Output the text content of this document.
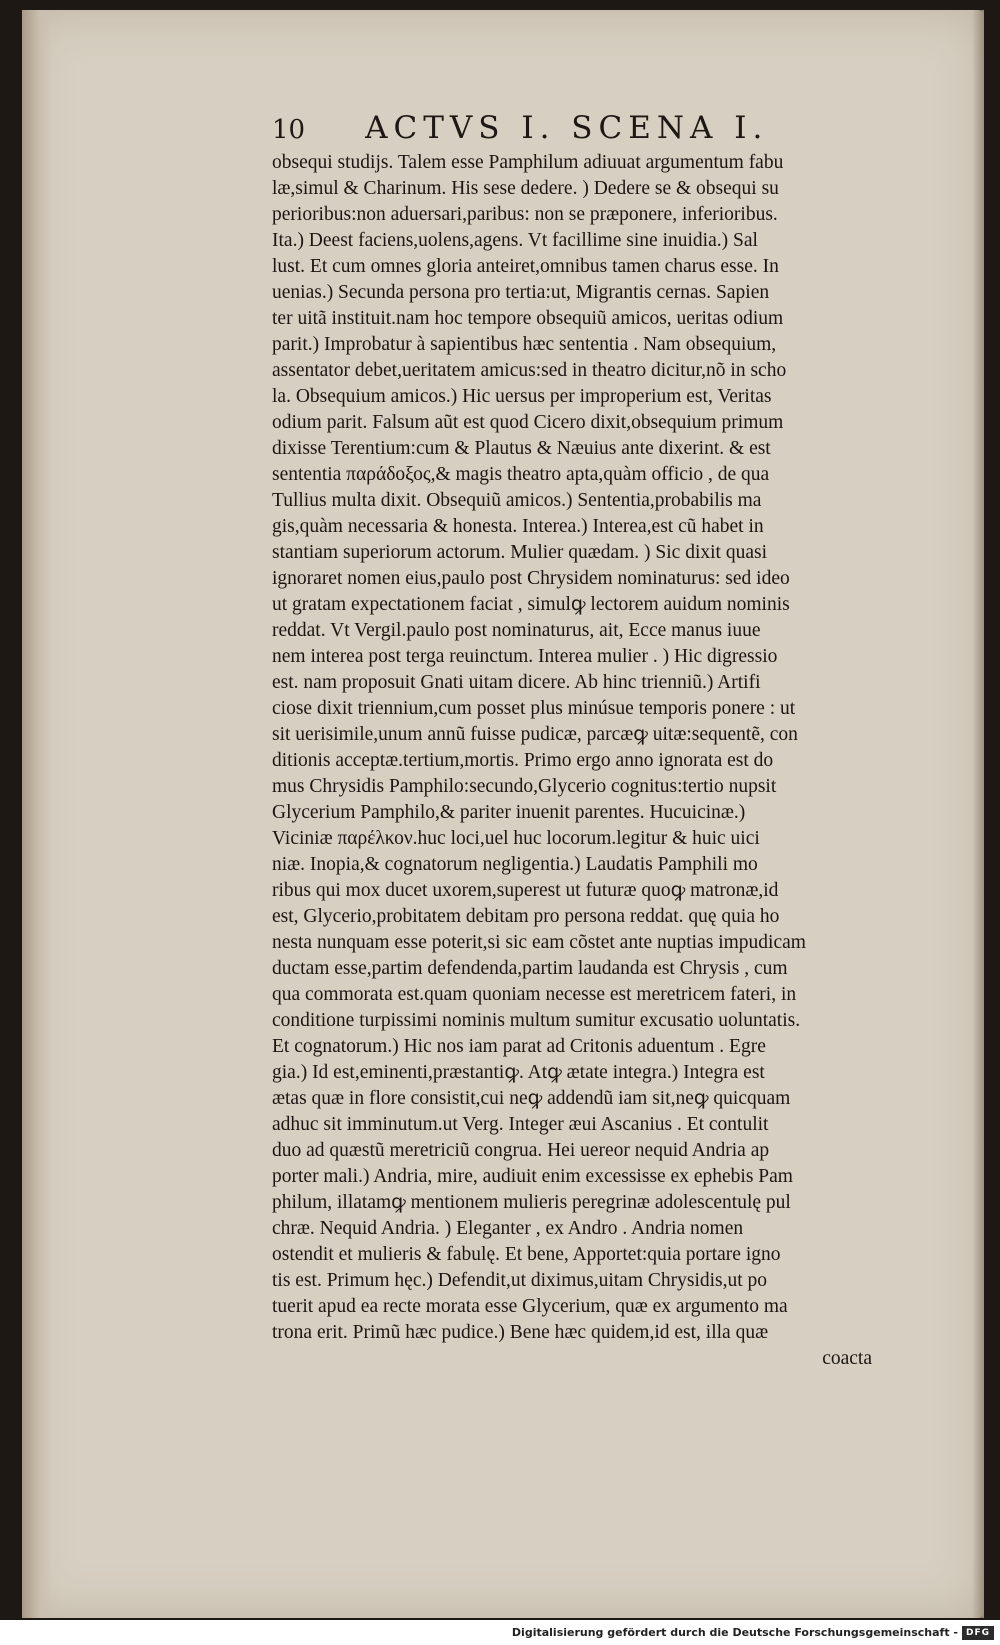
10 ACTVS I. SCENA I.
obsequi studijs. Talem esse Pamphilum adiuuat argumentum fabu
læ,simul & Charinum. His sese dedere. ) Dedere se & obsequi su
perioribus:non aduersari,paribus: non se præponere, inferioribus.
Ita.) Deest faciens,uolens,agens. Vt facillime sine inuidia.) Sal
lust. Et cum omnes gloria anteiret,omnibus tamen charus esse. In
uenias.) Secunda persona pro tertia:ut, Migrantis cernas. Sapien
ter uitã instituit.nam hoc tempore obsequiũ amicos, ueritas odium
parit.) Improbatur à sapientibus hæc sententia . Nam obsequium,
assentator debet,ueritatem amicus:sed in theatro dicitur,nõ in scho
la. Obsequium amicos.) Hic uersus per improperium est, Veritas
odium parit. Falsum aũt est quod Cicero dixit,obsequium primum
dixisse Terentium:cum & Plautus & Næuius ante dixerint. & est
sententia παράδοξος,& magis theatro apta,quàm officio , de qua
Tullius multa dixit. Obsequiũ amicos.) Sententia,probabilis ma
gis,quàm necessaria & honesta. Interea.) Interea,est cũ habet in
stantiam superiorum actorum. Mulier quædam. ) Sic dixit quasi
ignoraret nomen eius,paulo post Chrysidem nominaturus: sed ideo
ut gratam expectationem faciat , simulꝙ lectorem auidum nominis
reddat. Vt Vergil.paulo post nominaturus, ait, Ecce manus iuue
nem interea post terga reuinctum. Interea mulier . ) Hic digressio
est. nam proposuit Gnati uitam dicere. Ab hinc trienniũ.) Artifi
ciose dixit triennium,cum posset plus minúsue temporis ponere : ut
sit uerisimile,unum annũ fuisse pudicæ, parcæꝙ uitæ:sequentẽ, con
ditionis acceptæ.tertium,mortis. Primo ergo anno ignorata est do
mus Chrysidis Pamphilo:secundo,Glycerio cognitus:tertio nupsit
Glycerium Pamphilo,& pariter inuenit parentes. Hucuicinæ.)
Viciniæ παρέλκον.huc loci,uel huc locorum.legitur & huic uici
niæ. Inopia,& cognatorum negligentia.) Laudatis Pamphili mo
ribus qui mox ducet uxorem,superest ut futuræ quoꝙ matronæ,id
est, Glycerio,probitatem debitam pro persona reddat. quę quia ho
nesta nunquam esse poterit,si sic eam cõstet ante nuptias impudicam
ductam esse,partim defendenda,partim laudanda est Chrysis , cum
qua commorata est.quam quoniam necesse est meretricem fateri, in
conditione turpissimi nominis multum sumitur excusatio uoluntatis.
Et cognatorum.) Hic nos iam parat ad Critonis aduentum . Egre
gia.) Id est,eminenti,præstantiꝙ. Atꝙ ætate integra.) Integra est
ætas quæ in flore consistit,cui neꝙ addendũ iam sit,neꝙ quicquam
adhuc sit imminutum.ut Verg. Integer æui Ascanius . Et contulit
duo ad quæstũ meretriciũ congrua. Hei uereor nequid Andria ap
porter mali.) Andria, mire, audiuit enim excessisse ex ephebis Pam
philum, illatamꝙ mentionem mulieris peregrinæ adolescentulę pul
chræ. Nequid Andria. ) Eleganter , ex Andro . Andria nomen
ostendit et mulieris & fabulę. Et bene, Apportet:quia portare igno
tis est. Primum hęc.) Defendit,ut diximus,uitam Chrysidis,ut po
tuerit apud ea recte morata esse Glycerium, quæ ex argumento ma
trona erit. Primũ hæc pudice.) Bene hæc quidem,id est, illa quæ
coacta
Digitalisierung gefördert durch die Deutsche Forschungsgemeinschaft - DFG
